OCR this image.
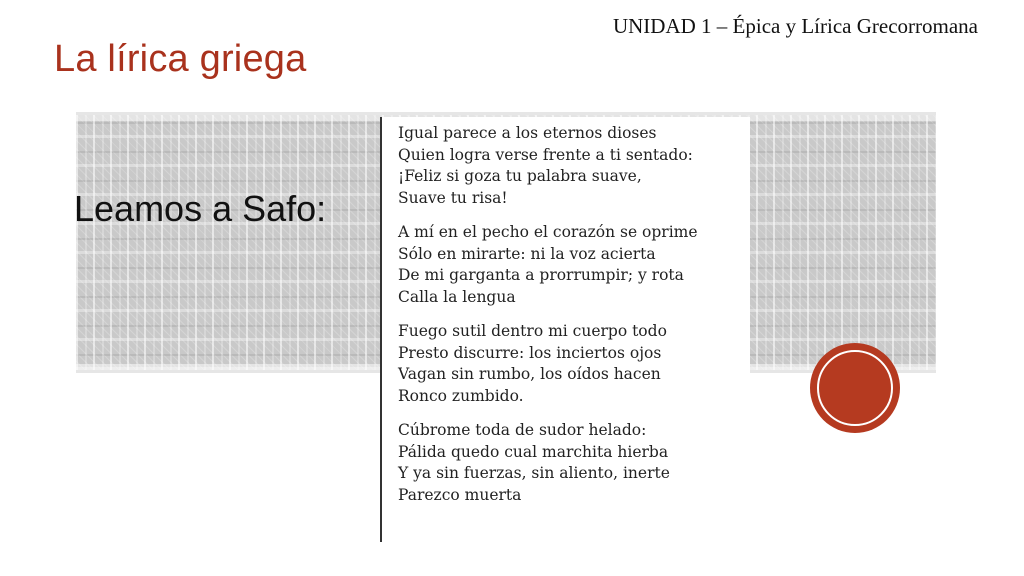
UNIDAD 1 – Épica y Lírica Grecorromana
La lírica griega
Leamos a Safo:
Igual parece a los eternos dioses
Quien logra verse frente a ti sentado:
¡Feliz si goza tu palabra suave,
Suave tu risa!
A mí en el pecho el corazón se oprime
Sólo en mirarte: ni la voz acierta
De mi garganta a prorrumpir; y rota
Calla la lengua
Fuego sutil dentro mi cuerpo todo
Presto discurre: los inciertos ojos
Vagan sin rumbo, los oídos hacen
Ronco zumbido.
Cúbrome toda de sudor helado:
Pálida quedo cual marchita hierba
Y ya sin fuerzas, sin aliento, inerte
Parezco muerta
